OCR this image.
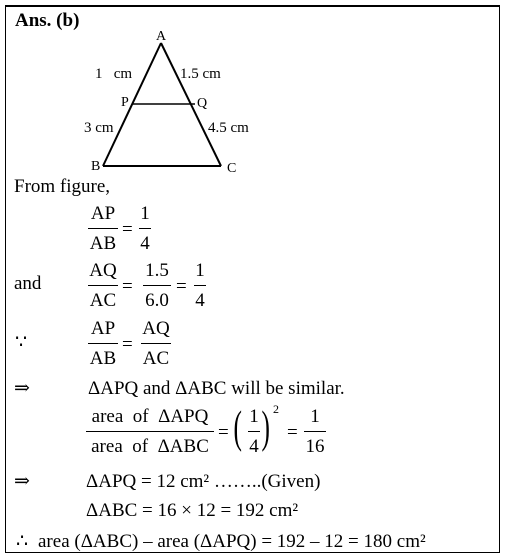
Ans. (b)
A
P	Q
B	C
1   cm	1.5 cm
3 cm	4.5 cm
From figure,
AP
AB
=
1
4
and
AQ
AC
=
1.5
6.0
=
1
4
∵
AP
AB
=
AQ
AC
⇒	ΔAPQ and ΔABC will be similar.
area  of  ΔAPQ
area  of  ΔABC
= ( 1
4 ) 2
=
1
16
⇒	ΔAPQ = 12 cm² ……..(Given)
ΔABC = 16 × 12 = 192 cm²
∴ area (ΔABC) – area (ΔAPQ) = 192 – 12 = 180 cm²
